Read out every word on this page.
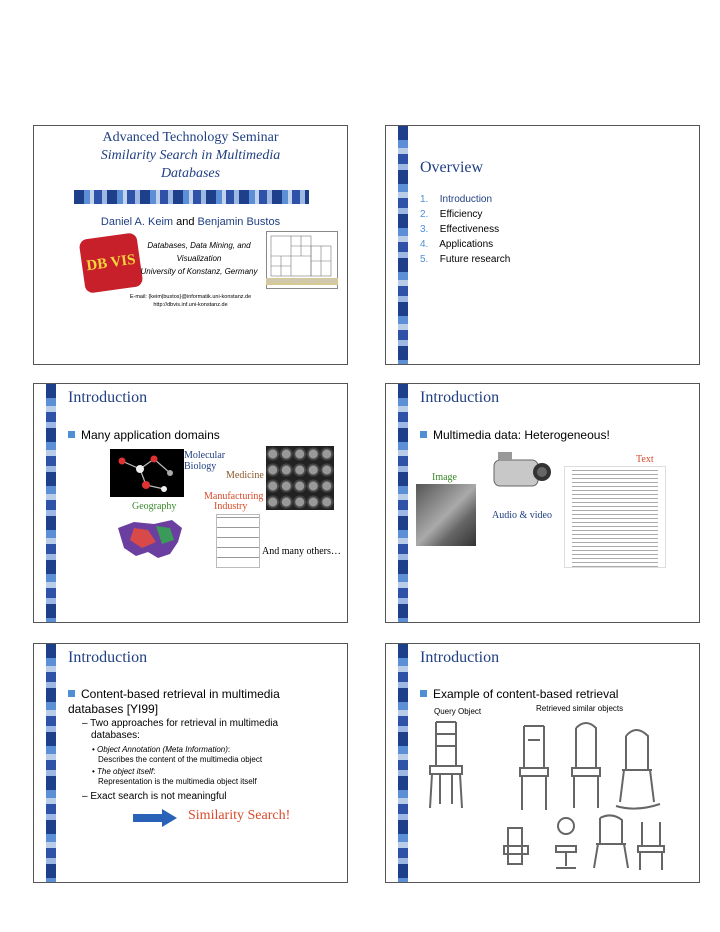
Advanced Technology Seminar
Similarity Search in Multimedia
Databases
Daniel A. Keim and Benjamin Bustos
DB VIS
Databases, Data Mining, and
Visualization
University of Konstanz, Germany
Universität Konstanz
E-mail: {keim|bustos}@informatik.uni-konstanz.de
http://dbvis.inf.uni-konstanz.de
Overview
1. Introduction
2. Efficiency
3. Effectiveness
4. Applications
5. Future research
Introduction
Many application domains
Molecular
Biology
Medicine
Manufacturing
Geography	Industry
And many others…
Introduction
Multimedia data: Heterogeneous!
Text
Image
Audio & video
Introduction
Content-based retrieval in multimedia
databases [YI99]
– Two approaches for retrieval in multimedia
databases:
• Object Annotation (Meta Information):
Describes the content of the multimedia object
• The object itself:
Representation is the multimedia object itself
– Exact search is not meaningful
Similarity Search!
Introduction
Example of content-based retrieval
Query Object	Retrieved similar objects
